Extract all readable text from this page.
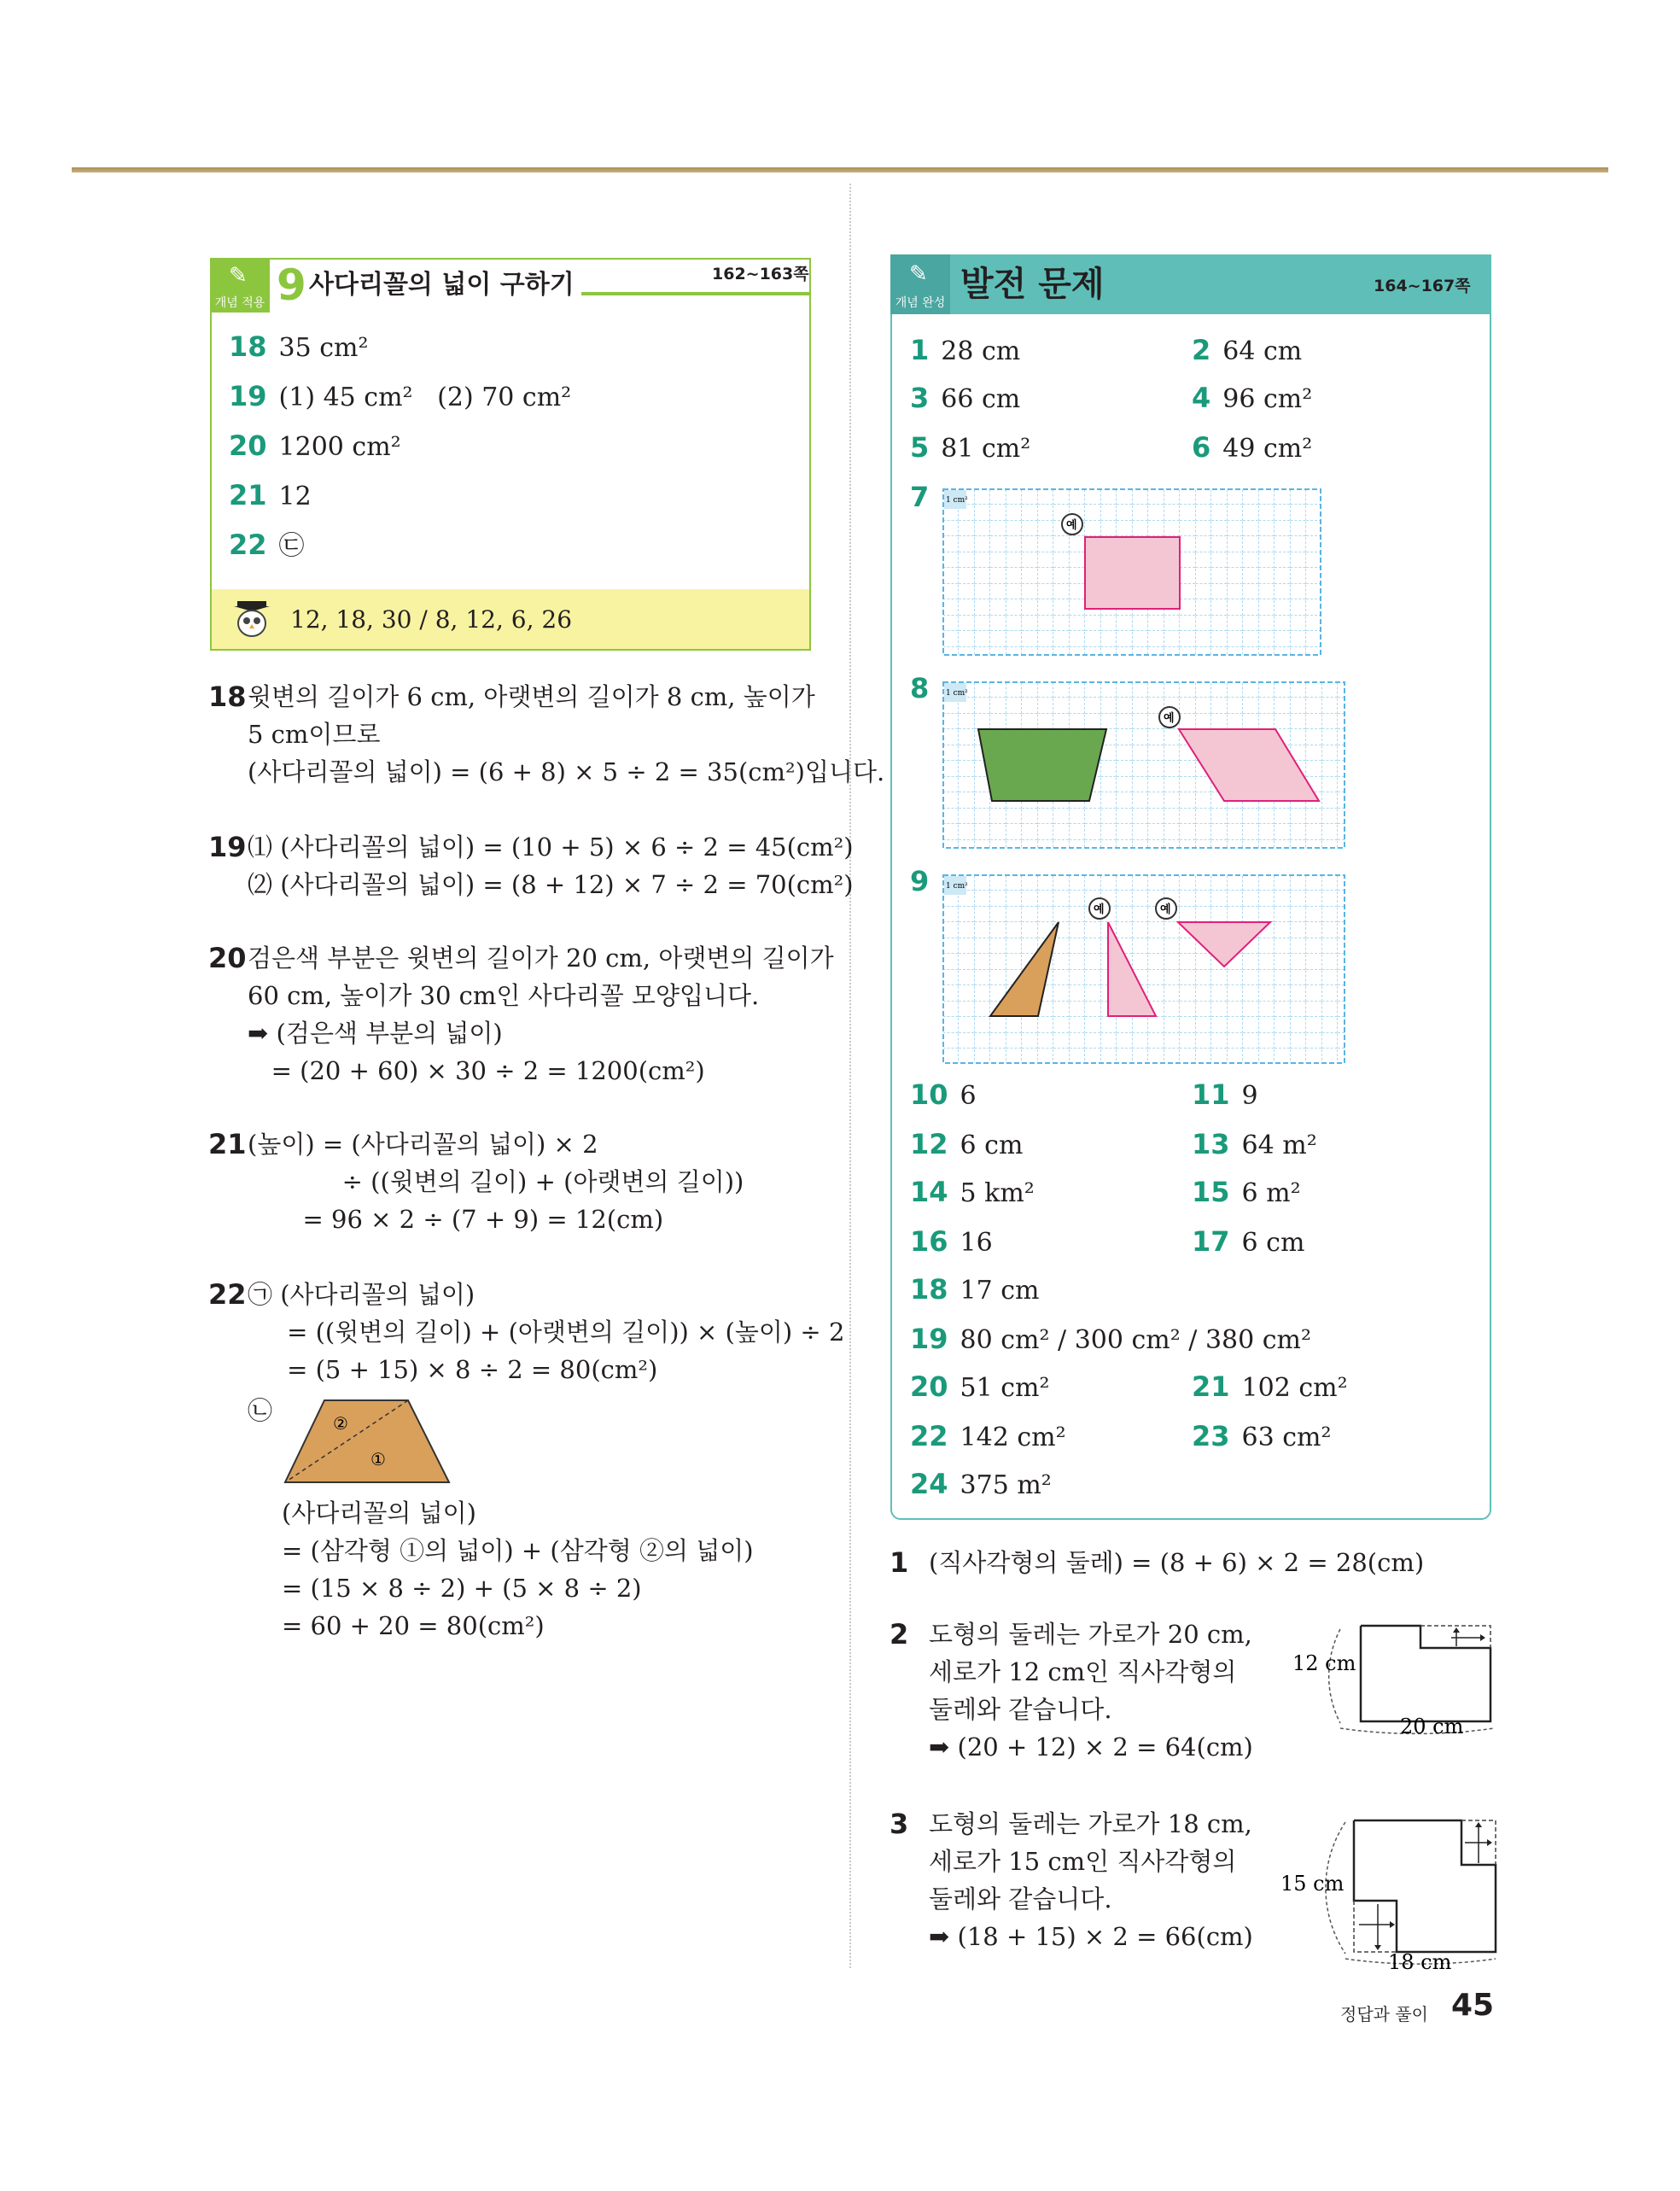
✎
개념 적용 9 사다리꼴의 넓이 구하기	162~163쪽
18 35 cm²
19 (1) 45 cm²   (2) 70 cm²
20 1200 cm²
21 12
22 ㉢
12, 18, 30 / 8, 12, 6, 26
18 윗변의 길이가 6 cm, 아랫변의 길이가 8 cm, 높이가
5 cm이므로
(사다리꼴의 넓이) = (6 + 8) × 5 ÷ 2 = 35(cm²)입니다.
19 ⑴ (사다리꼴의 넓이) = (10 + 5) × 6 ÷ 2 = 45(cm²)
⑵ (사다리꼴의 넓이) = (8 + 12) × 7 ÷ 2 = 70(cm²)
20 검은색 부분은 윗변의 길이가 20 cm, 아랫변의 길이가
60 cm, 높이가 30 cm인 사다리꼴 모양입니다.
➡ (검은색 부분의 넓이)
= (20 + 60) × 30 ÷ 2 = 1200(cm²)
21 (높이) = (사다리꼴의 넓이) × 2
÷ ((윗변의 길이) + (아랫변의 길이))
= 96 × 2 ÷ (7 + 9) = 12(cm)
22 ㉠ (사다리꼴의 넓이)
= ((윗변의 길이) + (아랫변의 길이)) × (높이) ÷ 2
= (5 + 15) × 8 ÷ 2 = 80(cm²)
㉡	②
①
(사다리꼴의 넓이)
= (삼각형 ①의 넓이) + (삼각형 ②의 넓이)
= (15 × 8 ÷ 2) + (5 × 8 ÷ 2)
= 60 + 20 = 80(cm²)
✎
개념 완성 발전 문제	164~167쪽
1 28 cm	2 64 cm
3 66 cm	4 96 cm²
5 81 cm²	6 49 cm²
7 1 cm²
예
8 1 cm²
예
9 1 cm²
예	예
10 6	11 9
12 6 cm	13 64 m²
14 5 km²	15 6 m²
16 16	17 6 cm
18 17 cm
19 80 cm² / 300 cm² / 380 cm²
20 51 cm²	21 102 cm²
22 142 cm²	23 63 cm²
24 375 m²
1 (직사각형의 둘레) = (8 + 6) × 2 = 28(cm)
2 도형의 둘레는 가로가 20 cm,
세로가 12 cm인 직사각형의
둘레와 같습니다.
➡ (20 + 12) × 2 = 64(cm)
12 cm
20 cm
3 도형의 둘레는 가로가 18 cm,
세로가 15 cm인 직사각형의
둘레와 같습니다.
➡ (18 + 15) × 2 = 66(cm)
15 cm
18 cm
정답과 풀이 45
